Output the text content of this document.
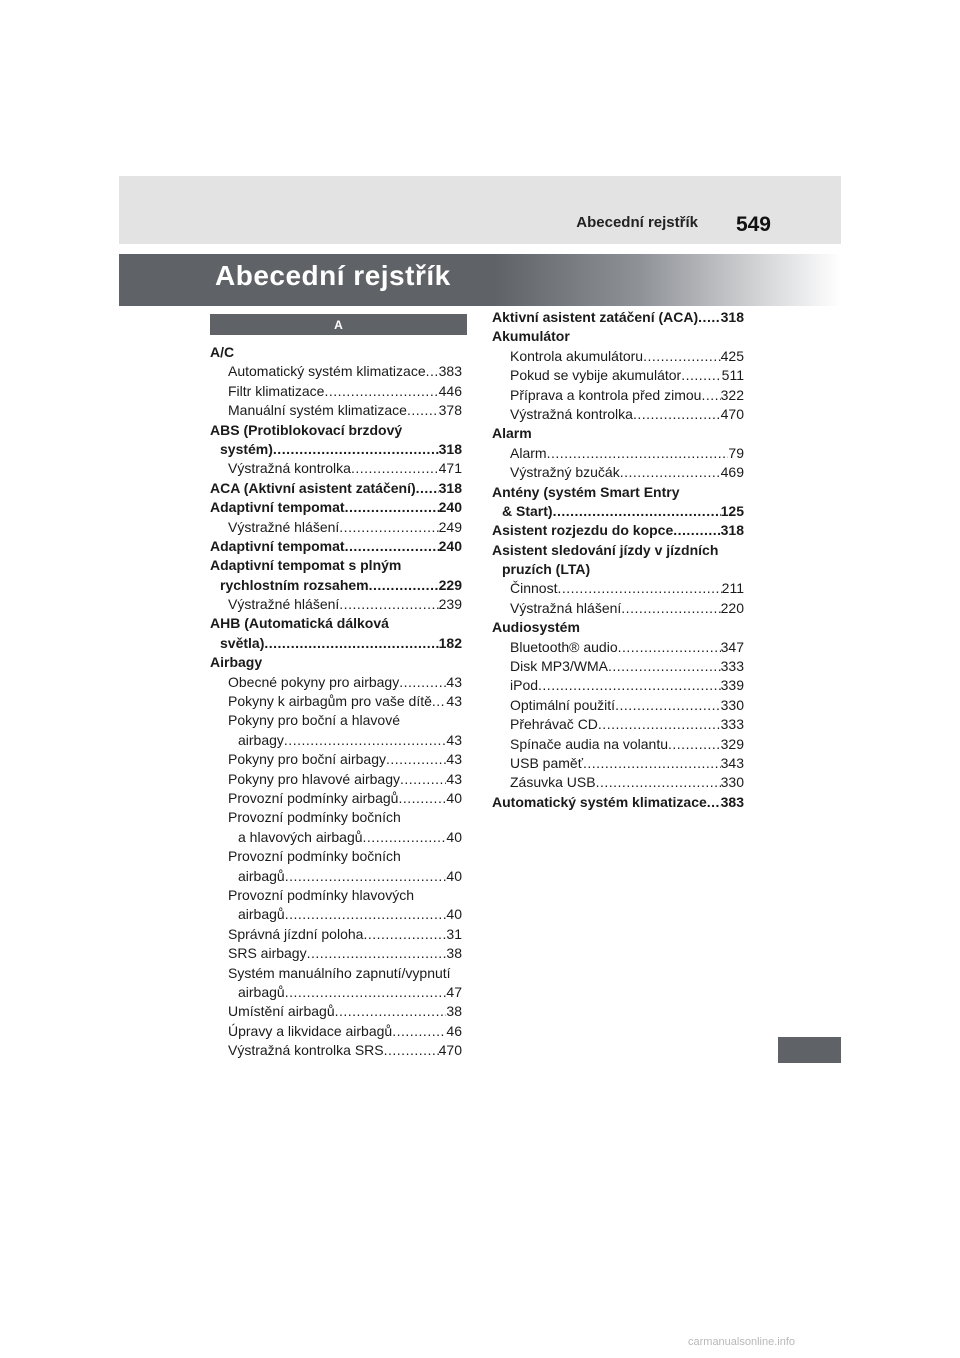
Abecední rejstřík 549
Abecední rejstřík
A
A/C
Automatický systém klimatizace ..... 383
Filtr klimatizace .....	446
Manuální systém klimatizace ..... 378
ABS (Protiblokovací brzdový
systém) .....	318
Výstražná kontrolka .....	471
ACA (Aktivní asistent zatáčení) ..... 318
Adaptivní tempomat .....	240
Výstražné hlášení .....	249
Adaptivní tempomat .....	240
Adaptivní tempomat s plným
rychlostním rozsahem .....	229
Výstražné hlášení .....	239
AHB (Automatická dálková
světla) .....	182
Airbagy
Obecné pokyny pro airbagy .....	43
Pokyny k airbagům pro vaše dítě ..... 43
Pokyny pro boční a hlavové
airbagy .....	43
Pokyny pro boční airbagy .....	43
Pokyny pro hlavové airbagy .....	43
Provozní podmínky airbagů .....	40
Provozní podmínky bočních
a hlavových airbagů .....	40
Provozní podmínky bočních
airbagů .....	40
Provozní podmínky hlavových
airbagů .....	40
Správná jízdní poloha .....	31
SRS airbagy .....	38
Systém manuálního zapnutí/vypnutí
airbagů .....	47
Umístění airbagů .....	38
Úpravy a likvidace airbagů .....	46
Výstražná kontrolka SRS .....	470
Aktivní asistent zatáčení (ACA) ..... 318
Akumulátor
Kontrola akumulátoru .....	425
Pokud se vybije akumulátor .....	511
Příprava a kontrola před zimou ..... 322
Výstražná kontrolka .....	470
Alarm
Alarm .....	79
Výstražný bzučák .....	469
Antény (systém Smart Entry
& Start) .....	125
Asistent rozjezdu do kopce .....	318
Asistent sledování jízdy v jízdních
pruzích (LTA)
Činnost .....	211
Výstražná hlášení .....	220
Audiosystém
Bluetooth® audio .....	347
Disk MP3/WMA .....	333
iPod .....	339
Optimální použití .....	330
Přehrávač CD .....	333
Spínače audia na volantu .....	329
USB paměť .....	343
Zásuvka USB .....	330
Automatický systém klimatizace ..... 383
carmanualsonline.info
